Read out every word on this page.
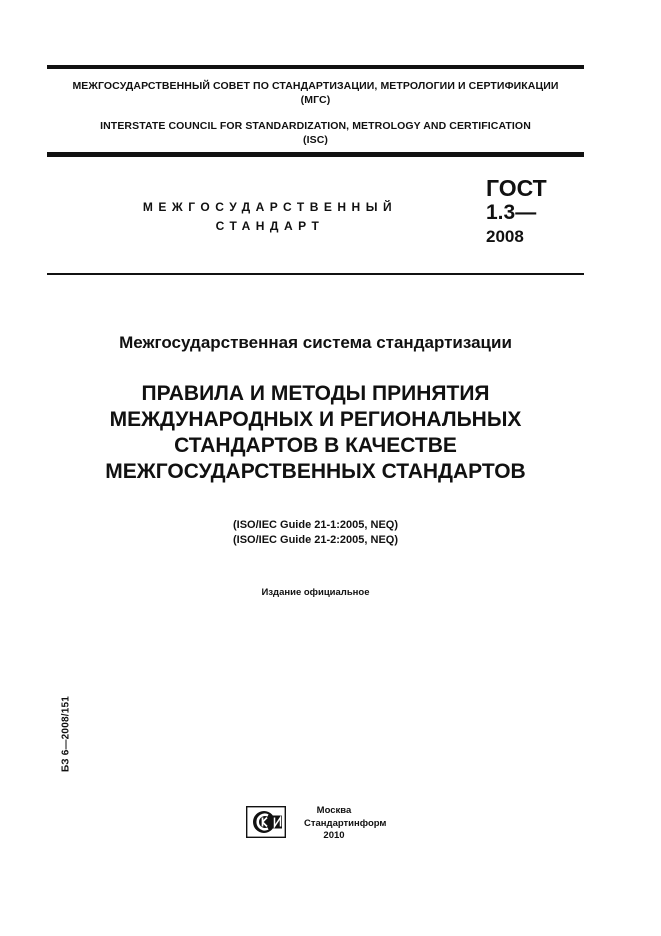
МЕЖГОСУДАРСТВЕННЫЙ СОВЕТ ПО СТАНДАРТИЗАЦИИ, МЕТРОЛОГИИ И СЕРТИФИКАЦИИ
(МГС)
INTERSTATE COUNCIL FOR STANDARDIZATION, METROLOGY AND CERTIFICATION
(ISC)
МЕЖГОСУДАРСТВЕННЫЙ
СТАНДАРТ
ГОСТ
1.3—
2008
Межгосударственная система стандартизации
ПРАВИЛА И МЕТОДЫ ПРИНЯТИЯ
МЕЖДУНАРОДНЫХ И РЕГИОНАЛЬНЫХ
СТАНДАРТОВ В КАЧЕСТВЕ
МЕЖГОСУДАРСТВЕННЫХ СТАНДАРТОВ
(ISO/IEC Guide 21-1:2005, NEQ)
(ISO/IEC Guide 21-2:2005, NEQ)
Издание официальное
БЗ 6—2008/151
Москва
Стандартинформ
2010
